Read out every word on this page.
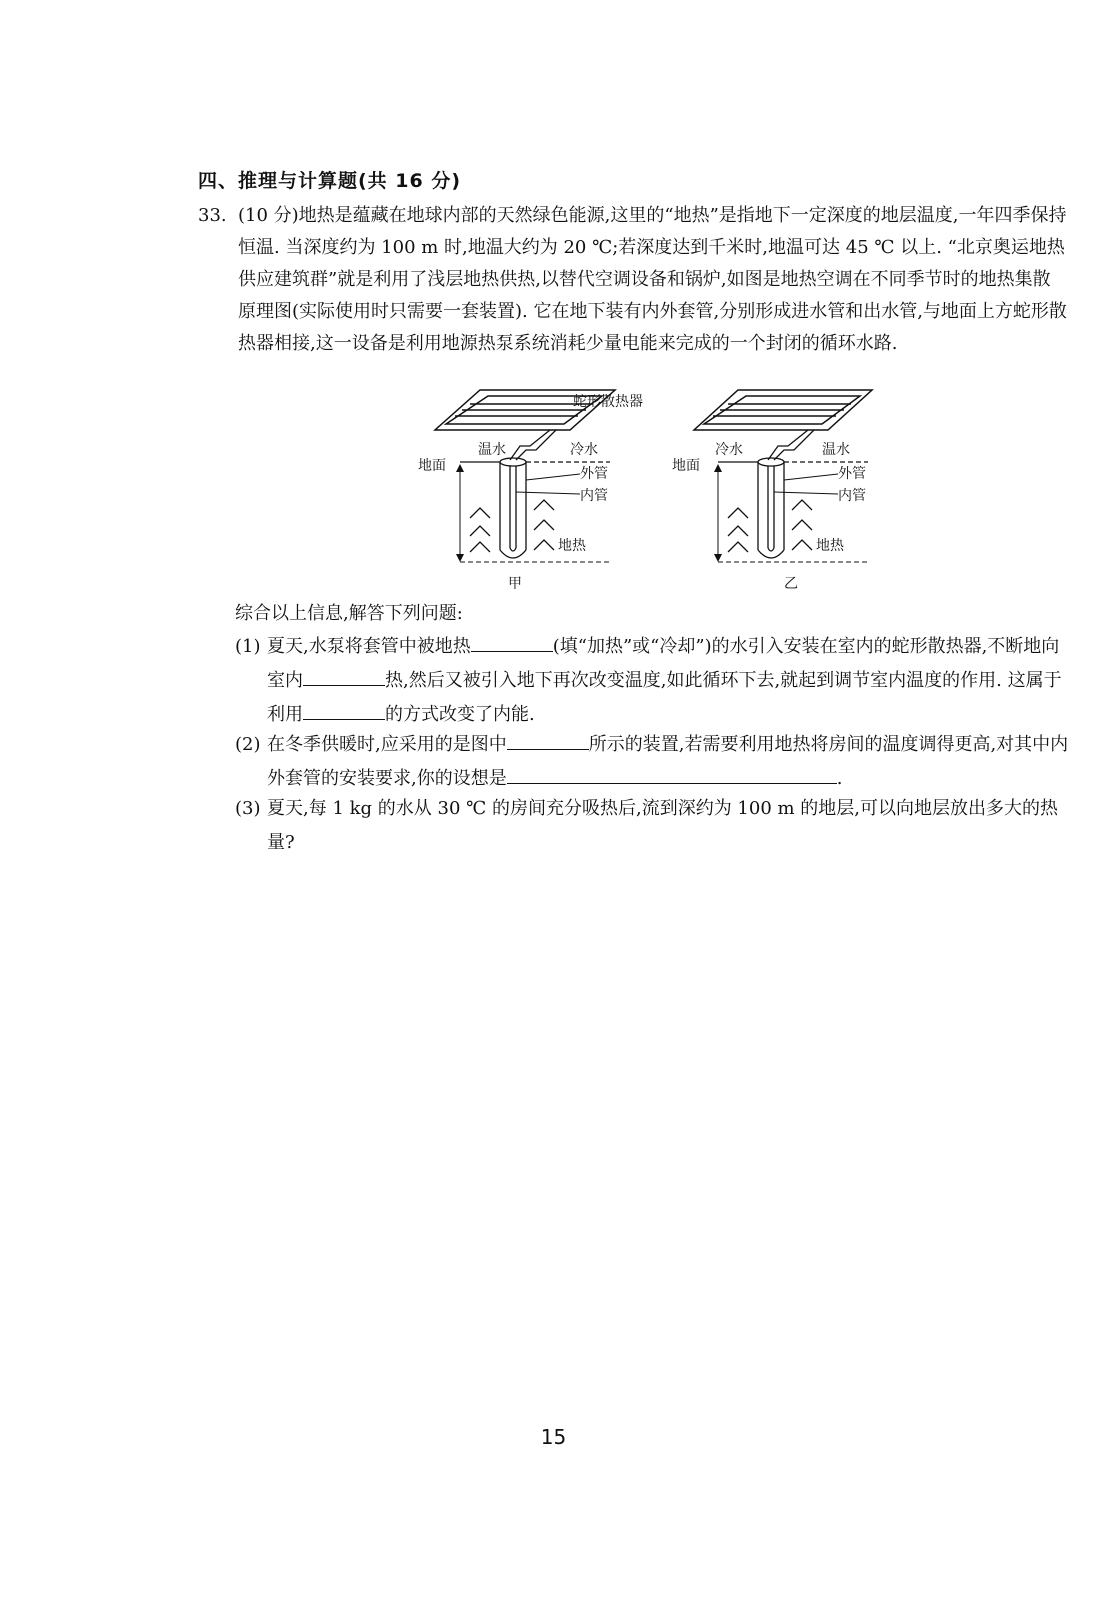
四、推理与计算题(共 16 分)
33. (10 分)地热是蕴藏在地球内部的天然绿色能源,这里的“地热”是指地下一定深度的地层温度,一年四季保持恒温. 当深度约为 100 m 时,地温大约为 20 ℃;若深度达到千米时,地温可达 45 ℃ 以上. “北京奥运地热供应建筑群”就是利用了浅层地热供热,以替代空调设备和锅炉,如图是地热空调在不同季节时的地热集散原理图(实际使用时只需要一套装置). 它在地下装有内外套管,分别形成进水管和出水管,与地面上方蛇形散热器相接,这一设备是利用地源热泵系统消耗少量电能来完成的一个封闭的循环水路.

蛇形散热器
温水	冷水
地面	外管
内管
地热
甲
冷水	温水
地面	外管
内管
地热
乙
综合以上信息,解答下列问题:
(1) 夏天,水泵将套管中被地热	(填“加热”或“冷却”)的水引入安装在室内的蛇形散热器,不断地向室内	热,然后又被引入地下再次改变温度,如此循环下去,就起到调节室内温度的作用. 这属于利用	的方式改变了内能.

(2) 在冬季供暖时,应采用的是图中	所示的装置,若需要利用地热将房间的温度调得更高,对其中内外套管的安装要求,你的设想是	.

(3) 夏天,每 1 kg 的水从 30 ℃ 的房间充分吸热后,流到深约为 100 m 的地层,可以向地层放出多大的热量?

15
